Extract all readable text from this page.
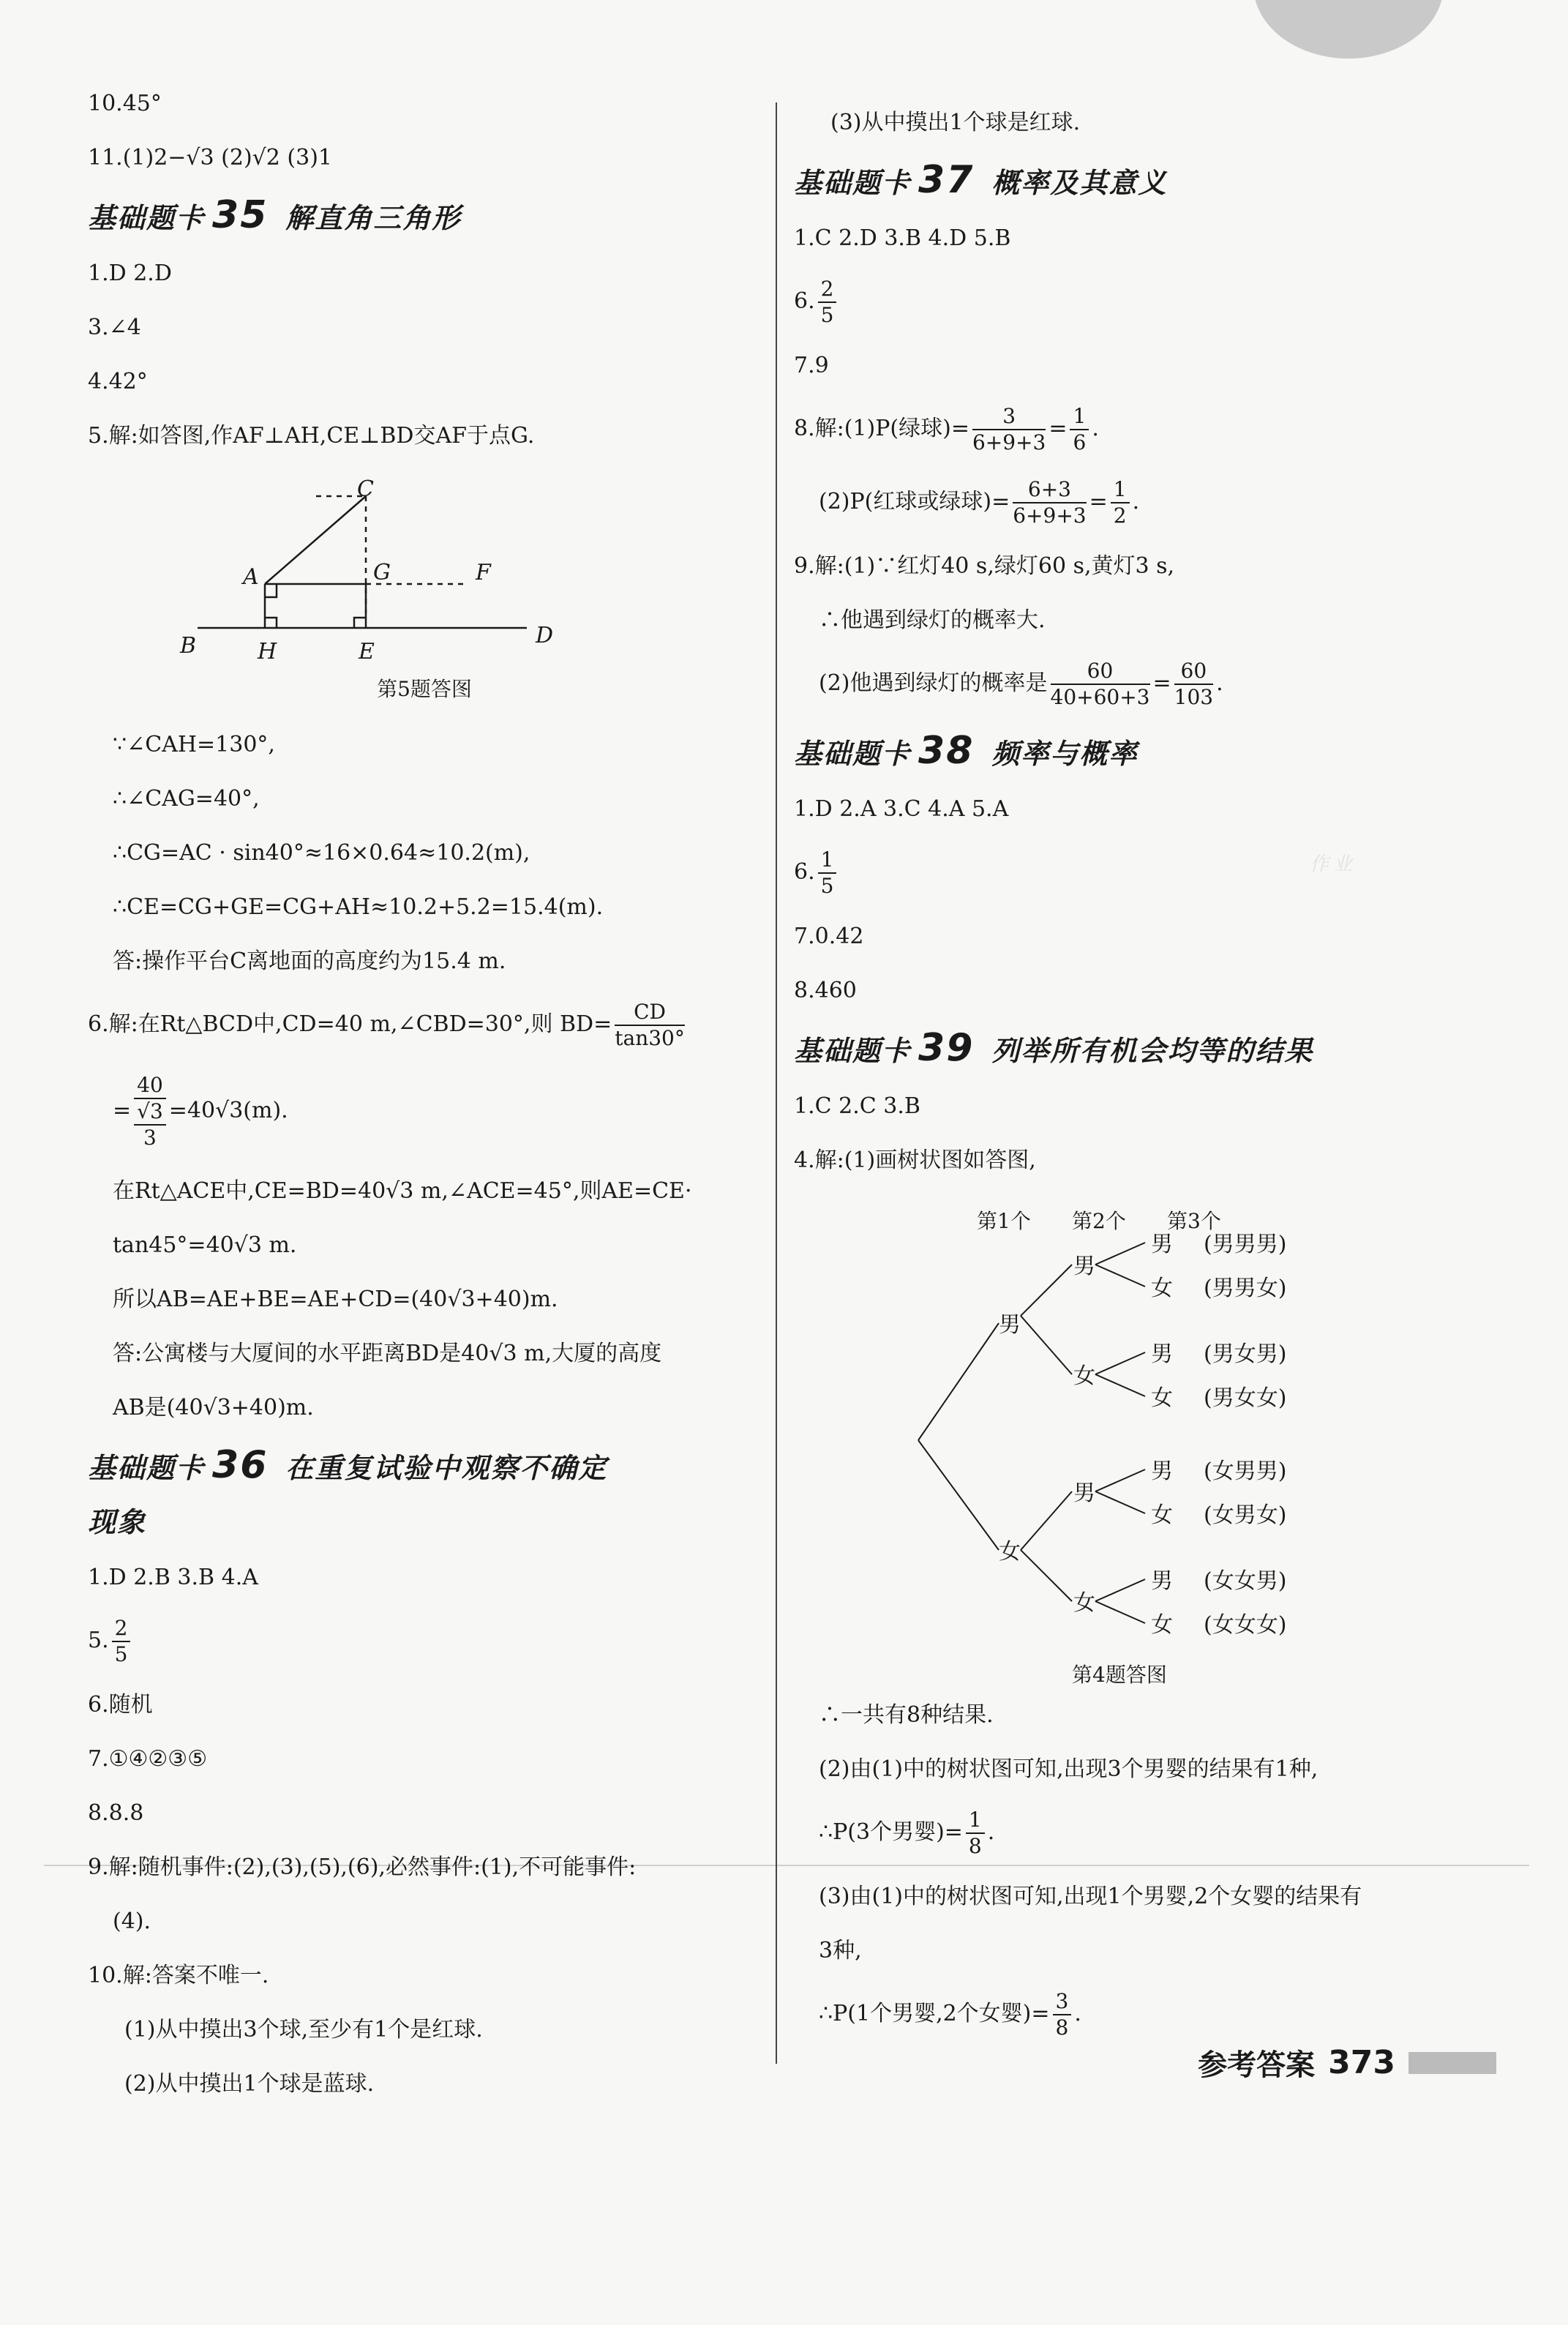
10.45°
11.(1)2−√3 (2)√2 (3)1
基础题卡 35 解直角三角形
1.D 2.D
3.∠4
4.42°
5.解:如答图,作AF⊥AH,CE⊥BD交AF于点G.
C
A	G	F
B	H	E
D
第5题答图
∵∠CAH=130°,
∴∠CAG=40°,
∴CG=AC · sin40°≈16×0.64≈10.2(m),
∴CE=CG+GE=CG+AH≈10.2+5.2=15.4(m).
答:操作平台C离地面的高度约为15.4 m.
6.解:在Rt△BCD中,CD=40 m,∠CBD=30°,则 $BD= \frac{CD}{\tan 30^\circ}$
= $\frac{40}{\frac{√3}{3}} =40√3(m)$.
在Rt△ACE中,CE=BD=40√3 m,∠ACE=45°,则AE=CE·
tan45°=40√3 m.
所以AB=AE+BE=AE+CD=(40√3+40)m.
答:公寓楼与大厦间的水平距离BD是40√3 m,大厦的高度
AB是(40√3+40)m.
基础题卡 36 在重复试验中观察不确定
现象
1.D 2.B 3.B 4.A
5. $\frac{2}{5}$
6.随机
7.①④②③⑤
8.8.8
9.解:随机事件:(2),(3),(5),(6),必然事件:(1),不可能事件:
(4).
10.解:答案不唯一.
(1)从中摸出3个球,至少有1个是红球.
(2)从中摸出1个球是蓝球.
(3)从中摸出1个球是红球.
基础题卡 37 概率及其意义
1.C 2.D 3.B 4.D 5.B
6. $\frac{2}{5}$
7.9
8.解:(1)P(绿球)= $\frac{3}{6+9+3} = \frac{1}{6}$ .
(2)P(红球或绿球)= $\frac{6+3}{6+9+3} = \frac{1}{2}$ .
9.解:(1)∵红灯40 s,绿灯60 s,黄灯3 s,
∴他遇到绿灯的概率大.
(2)他遇到绿灯的概率是 $\frac{60}{40+60+3} = \frac{60}{103}$ .
基础题卡 38 频率与概率
1.D 2.A 3.C 4.A 5.A
6. $\frac{1}{5}$
7.0.42
8.460
基础题卡 39 列举所有机会均等的结果
1.C 2.C 3.B
4.解:(1)画树状图如答图,
第1个 第2个 第3个
男
女
男
女
男
女
男
女
男
女
男
女
男
女
(男男男)
(男男女)
(男女男)
(男女女)
(女男男)
(女男女)
(女女男)
(女女女)
第4题答图
∴一共有8种结果.
(2)由(1)中的树状图可知,出现3个男婴的结果有1种,
∴P(3个男婴)= $\frac{1}{8}$ .
(3)由(1)中的树状图可知,出现1个男婴,2个女婴的结果有
3种,
∴P(1个男婴,2个女婴)= $\frac{3}{8}$ .
作业
参考答案 373
